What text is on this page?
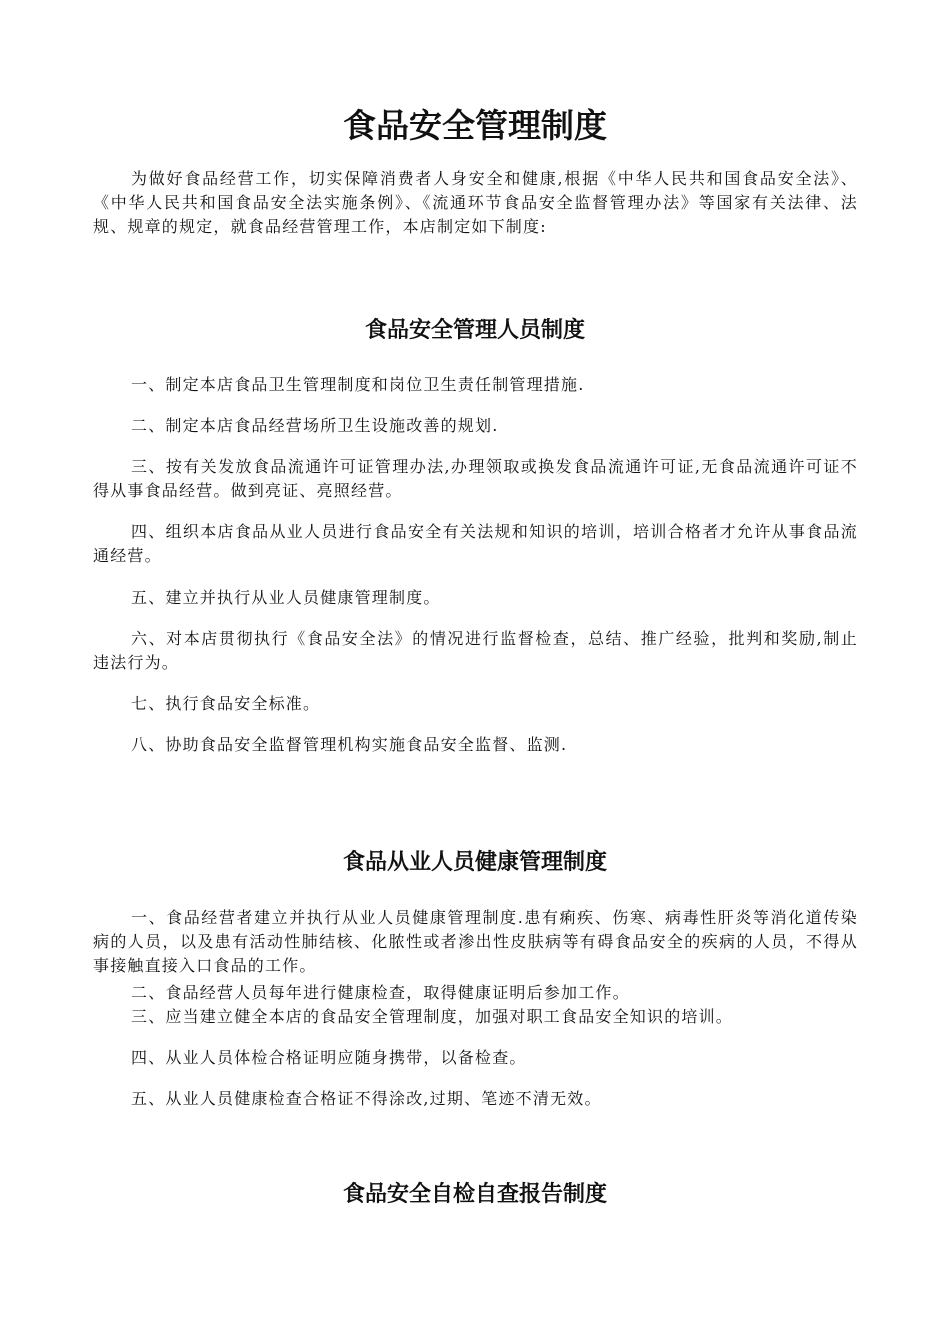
食品安全管理制度

为做好食品经营工作，切实保障消费者人身安全和健康,根据《中华人民共和国食品安全法》、《中华人民共和国食品安全法实施条例》、《流通环节食品安全监督管理办法》等国家有关法律、法规、规章的规定，就食品经营管理工作，本店制定如下制度:

食品安全管理人员制度

一、制定本店食品卫生管理制度和岗位卫生责任制管理措施.

二、制定本店食品经营场所卫生设施改善的规划.

三、按有关发放食品流通许可证管理办法,办理领取或换发食品流通许可证,无食品流通许可证不得从事食品经营。做到亮证、亮照经营。

四、组织本店食品从业人员进行食品安全有关法规和知识的培训，培训合格者才允许从事食品流通经营。

五、建立并执行从业人员健康管理制度。

六、对本店贯彻执行《食品安全法》的情况进行监督检查，总结、推广经验，批判和奖励,制止违法行为。

七、执行食品安全标准。

八、协助食品安全监督管理机构实施食品安全监督、监测.

食品从业人员健康管理制度

一、食品经营者建立并执行从业人员健康管理制度.患有痢疾、伤寒、病毒性肝炎等消化道传染病的人员，以及患有活动性肺结核、化脓性或者渗出性皮肤病等有碍食品安全的疾病的人员，不得从事接触直接入口食品的工作。

二、食品经营人员每年进行健康检查，取得健康证明后参加工作。

三、应当建立健全本店的食品安全管理制度，加强对职工食品安全知识的培训。

四、从业人员体检合格证明应随身携带，以备检查。

五、从业人员健康检查合格证不得涂改,过期、笔迹不清无效。

食品安全自检自查报告制度
